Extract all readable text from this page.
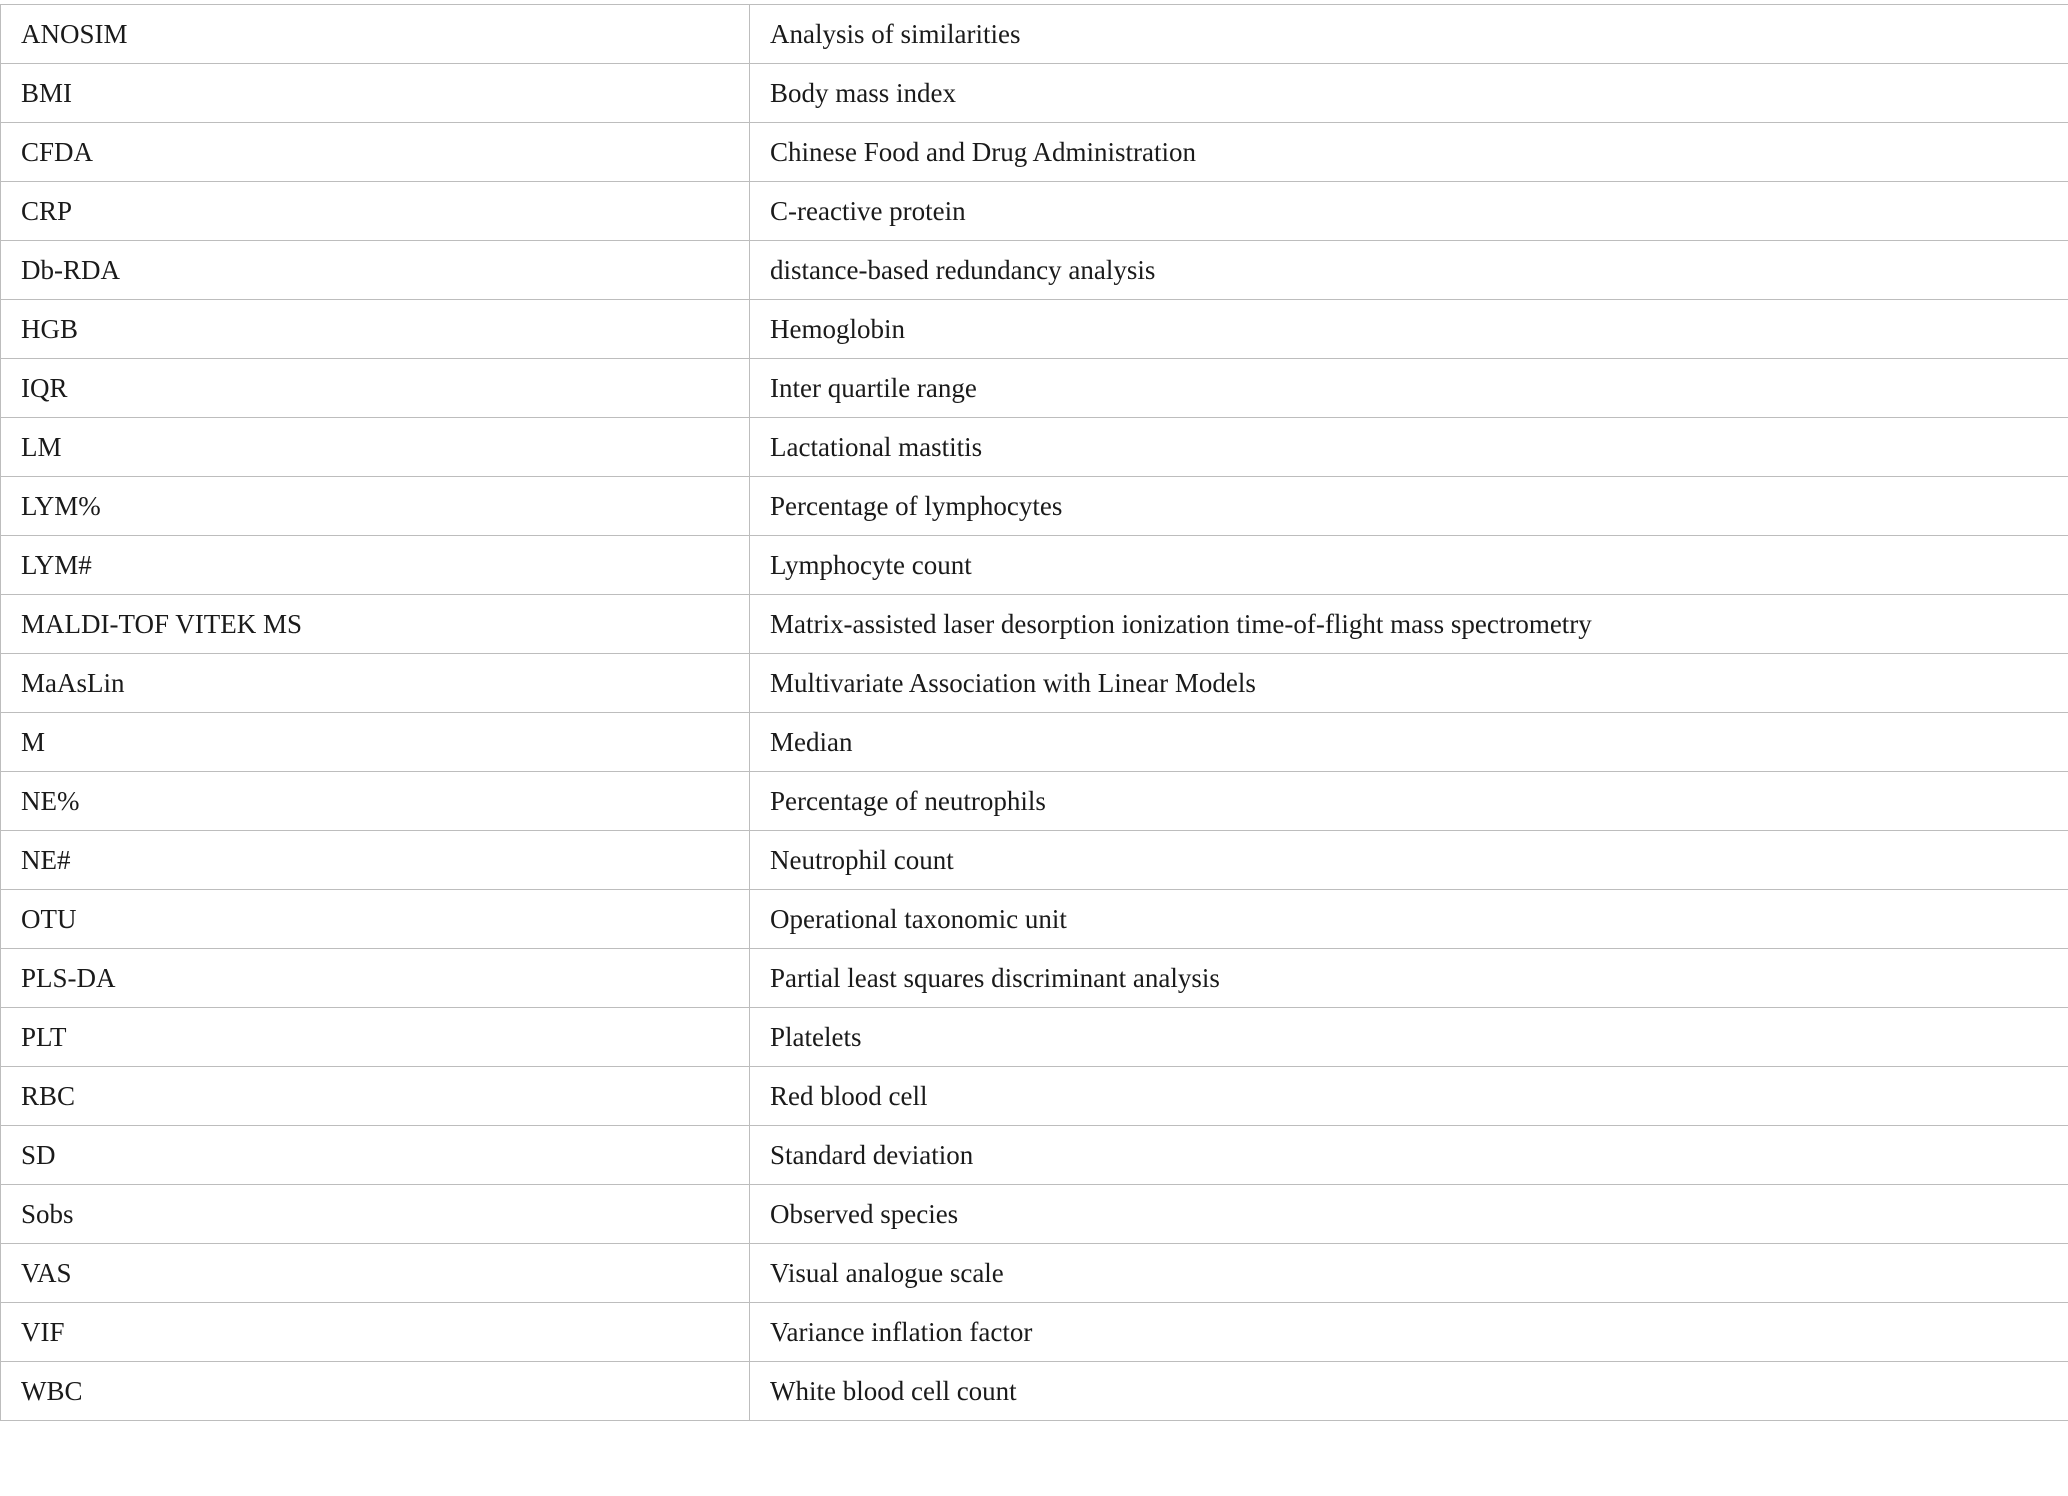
ANOSIM	Analysis of similarities
BMI	Body mass index
CFDA	Chinese Food and Drug Administration
CRP	C-reactive protein
Db-RDA	distance-based redundancy analysis
HGB	Hemoglobin
IQR	Inter quartile range
LM	Lactational mastitis
LYM%	Percentage of lymphocytes
LYM#	Lymphocyte count
MALDI-TOF VITEK MS	Matrix-assisted laser desorption ionization time-of-flight mass spectrometry
MaAsLin	Multivariate Association with Linear Models
M	Median
NE%	Percentage of neutrophils
NE#	Neutrophil count
OTU	Operational taxonomic unit
PLS-DA	Partial least squares discriminant analysis
PLT	Platelets
RBC	Red blood cell
SD	Standard deviation
Sobs	Observed species
VAS	Visual analogue scale
VIF	Variance inflation factor
WBC	White blood cell count
